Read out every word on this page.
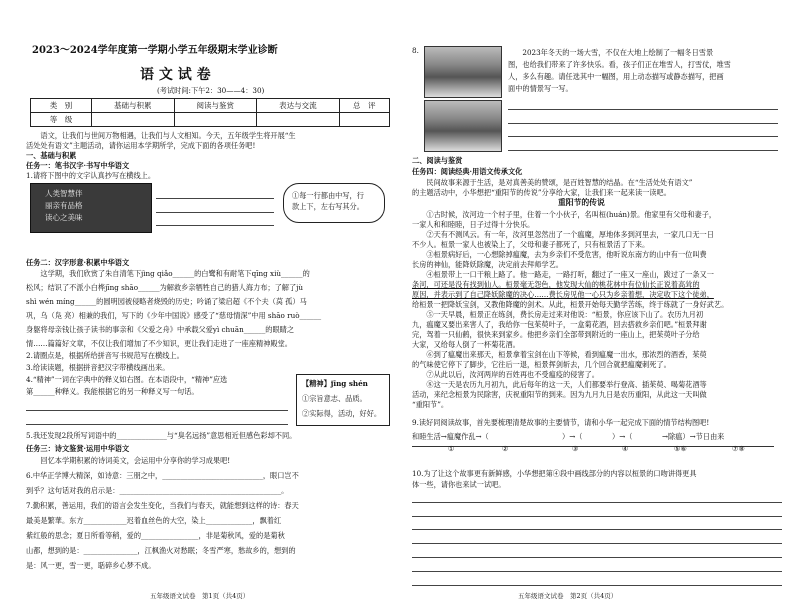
2023～2024学年度第一学期小学五年级期末学业诊断
语 文 试 卷
(考试时间:下午2：30——4：30)
类　别	基础与积累	阅读与鉴赏	表达与交流	总　评
等　级				
　　语文，让我们与世间万物相遇，让我们与人文相知。今天，五年级学生将开展“生
活处处有语文”主题活动，请你运用本学期所学，完成下面的各项任务吧!
一、基础与积累
任务一：笔书汉字·书写中华语文
1.请将下图中的文字认真抄写在横线上。
人类智慧伴
丽亲有品格
读心之美味
①每一行都由中写，行
款上下，左右写其分。
任务二：汉字形意·积累中华语文
　　这学期，我们欣赏了朱自清笔下jìng qiǎo______的白鹭和有耐笔下qīng xiù______的
松风；结识了不派小白桦jīng shāo______为解救乡亲牺牲自己的猎人海力布；了解了jù
shì wén míng______的圆明园被侵略者烧毁的历史；吟诵了梁启超《不个夫（莴 孤）马
巩，乌（凫 亮）相兼的我们，写下的《少年中国说》感受了“慈母情深”中用 shāo ruò______
身躯将母亲钱让孩子读书的事亲和《父爱之舟》中承载父爱yì chuān______的眼睛之
情……篇篇好文章，不仅让我们增加了不少知识，更让我们走进了一座座精神殿堂。
2.请圈点是，根据所给拼音写书规范写在横线上。
3.给读读题，根据拼音把汉字带横线画出来。
4.“精神”一词在字典中的释义如右图。在本语段中，“精神”应选
第______种释义。我能根据它的另一种释义写一句话。
【精神】jīng shén
①宗旨意志、品质。
②实际得，活动，好好。
5.我还发现2段所写词语中的______________与“臭名远扬”意思相近但感色彩却不同。
任务三：诗文鉴赏·运用中华语文
　　回忆本学期积累的诗词美文，会运用中分享你的学习成果吧!
6.中华正学博大精深，如诗意：三朋之中，____________________________，眼口岂不
到乎？这句话对我的启示是：_____________________________________________。
7.勤积累，善运用，我们的语言会发生变化，当我们与春天，就能想到这样的诗：春天
最美是繁華。东方____________迟着血丝色的大空，染上_____________，飘着红
紫红般的思念；夏日所看等稍，爱的________________，非是菊秋风，爱的是菊秋
山都，想到的是：_______________，江枫渔火对愁眠；冬雪严寒，愁故乡的，想到的
是：风一更，雪一更，聒碎乡心梦不成。
五年级语文试卷　第1页（共4页）
8.	　　2023年冬天的一场大雪，不仅在大地上绘制了一幅冬日雪景
图，也给我们带来了许多快乐。看，孩子们正在堆雪人，打雪仗，堆雪
人，多么有趣。请任选其中一幅图，用上动态描写或静态描写，把画
面中的情景写一写。
二、阅读与鉴赏
任务四：阅读经典·用语文传承文化
　　民间故事来源于生活，是对真善美的赞颂，是百姓智慧的结晶。在“生活处处有语文”
的主题活动中，小华想把“重阳节的传说”分享给大家，让我们来一起来读一读吧。
重阳节的传说
　　①古时候，汝河边一个村子里，住着一个小伙子，名叫桓(huán)景。他家里有父母和妻子，
一家人和和睦睦，日子过得十分快乐。
　　②天有不测风云。有一年，汝河里忽然出了一个瘟魔，厚地体多到河里去，一家几口无一日
不少人。桓景一家人也被染上了，父母和妻子都死了，只有桓景活了下来。
　　③桓景病好后，一心想除掉瘟魔，去为乡亲们不受危害，他听说东南方的山中有一位叫费
长房的神仙，能降妖除魔，决定前去拜师学艺。
　　④桓景带上一口干粮上路了。他一路走，一路打听，翻过了一座又一座山，跋过了一条又一
条河，可还是没有找到仙人。桓景毫无怨色，他发现大仙的桃花林中有位仙长正说着高耸的
原因，并表示到了自己降妖除魔的决心……费长房见他一心只为乡亲着想，决定收下这个徒弟，
给桓景一把降妖宝剑，又教他降魔的剑术。从此，桓景开始每天勤学苦练，终于练就了一身好武艺。
　　⑤一天早晨，桓景正在练剑，费长房走过来对他说：“桓景，你应该下山了。农历九月初
九，瘟魔又要出来害人了，我给你一包茱萸叶子，一盒菊花酒，回去搭救乡亲们吧。”桓景拜谢
完，驾着一只仙鹤，很快来到家乡。他把乡亲们全部带到附近的一座山上，把茱萸叶子分给
大家，又给每人倒了一杯菊花酒。
　　⑥到了瘟魔出来那天，桓景拿着宝剑在山下等候，看到瘟魔一出水，那浓烈的酒香，茱萸
的气味使它停下了脚步，它往后一退，桓景挥剑斩去，几个回合就把瘟魔刺死了。
　　⑦从此以后，汝河两岸的百姓再也不受瘟疫的侵害了。
　　⑧这一天是农历九月初九，此后每年的这一天，人们都要举行登高、插茱萸、喝菊花酒等
活动，来纪念桓景为民除害，庆祝重阳节的到来。因为九月九日是农历重阳，从此这一天叫做
“重阳节”。
9.读好同阅读故事，首先要梳理清楚故事的主要情节，请和小华一起完成下面的情节结构图吧!
和睦生活→瘟魔作乱→（	）→（	）→（	→除瘟）→节日由来
①	②	③	④	⑤⑥	⑦⑧
10.为了让这个故事更有新鲜感，小华想把第④段中画线部分的内容以桓景的口吻讲得更具
体一些，请你也来试一试吧。
五年级语文试卷　第2页（共4页）
